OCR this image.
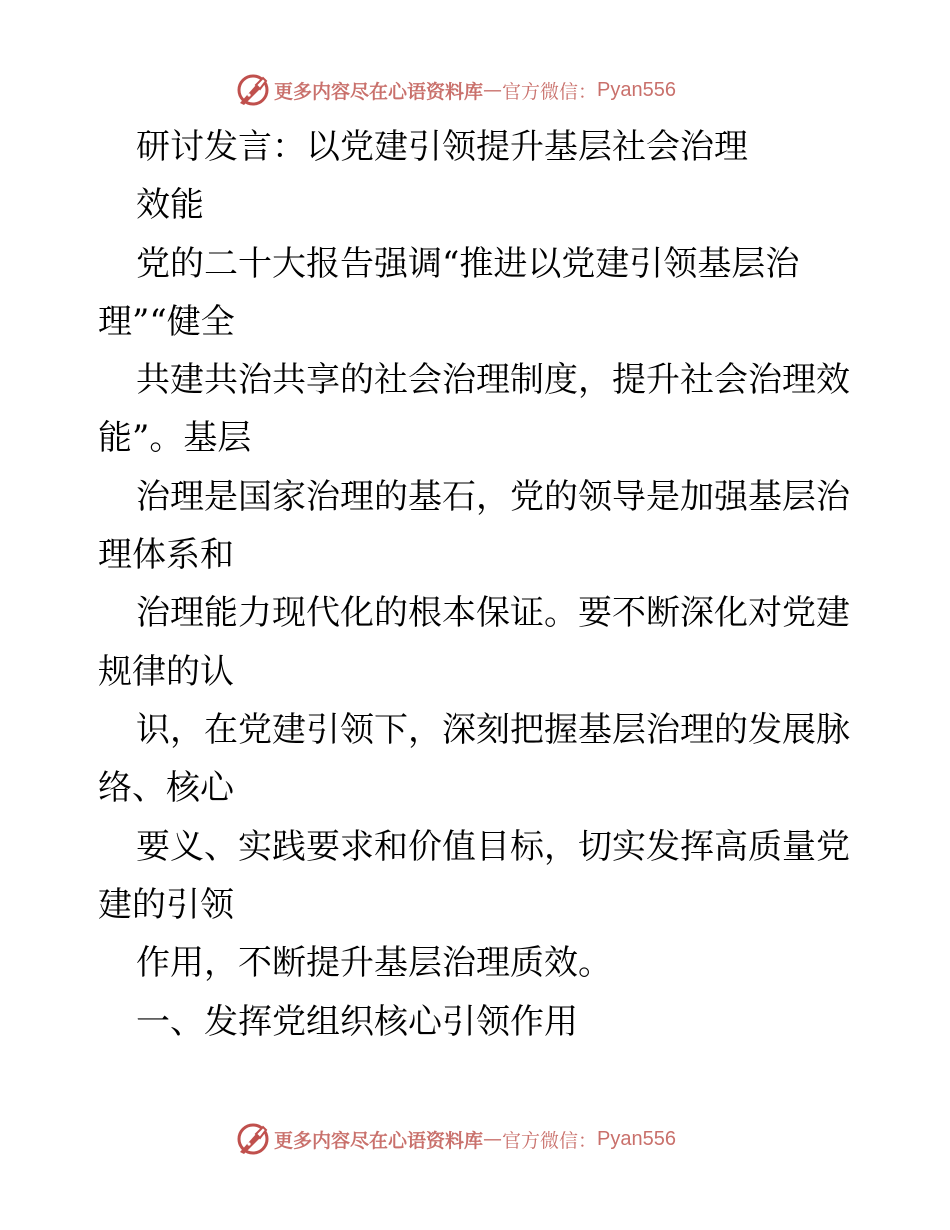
更多内容尽在心语资料库 — 官方微信： Pyan556
研讨发言：以党建引领提升基层社会治理
效能
党的二十大报告强调“推进以党建引领基层治
理”“健全
共建共治共享的社会治理制度，提升社会治理效
能”。基层
治理是国家治理的基石，党的领导是加强基层治
理体系和
治理能力现代化的根本保证。要不断深化对党建
规律的认
识，在党建引领下，深刻把握基层治理的发展脉
络、核心
要义、实践要求和价值目标，切实发挥高质量党
建的引领
作用，不断提升基层治理质效。
一、发挥党组织核心引领作用
更多内容尽在心语资料库 — 官方微信： Pyan556
